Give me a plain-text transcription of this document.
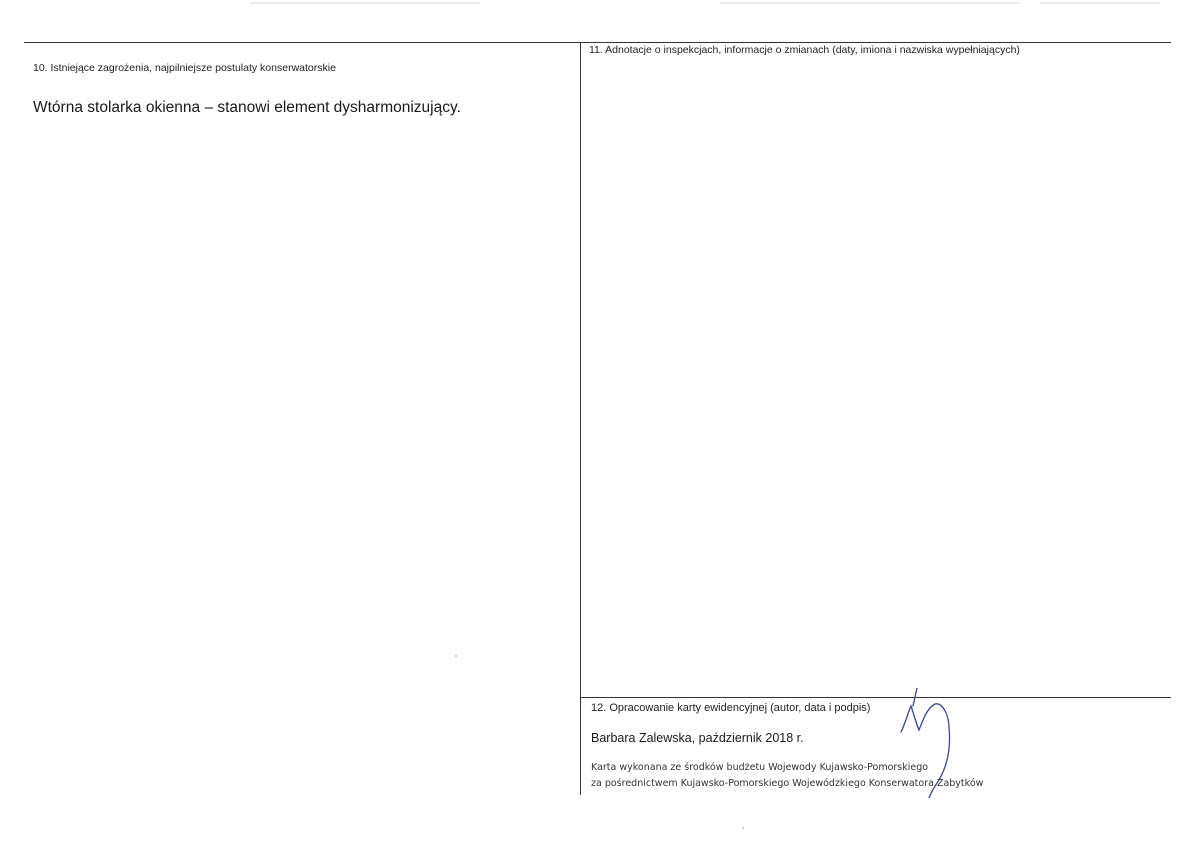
10. Istniejące zagrożenia, najpilniejsze postulaty konserwatorskie
Wtórna stolarka okienna – stanowi element dysharmonizujący.
11. Adnotacje o inspekcjach, informacje o zmianach (daty, imiona i nazwiska wypełniających)
12. Opracowanie karty ewidencyjnej (autor, data i podpis)
Barbara Zalewska, październik 2018 r.
Karta wykonana ze środków budżetu Wojewody Kujawsko-Pomorskiego
za pośrednictwem Kujawsko-Pomorskiego Wojewódzkiego Konserwatora Zabytków
